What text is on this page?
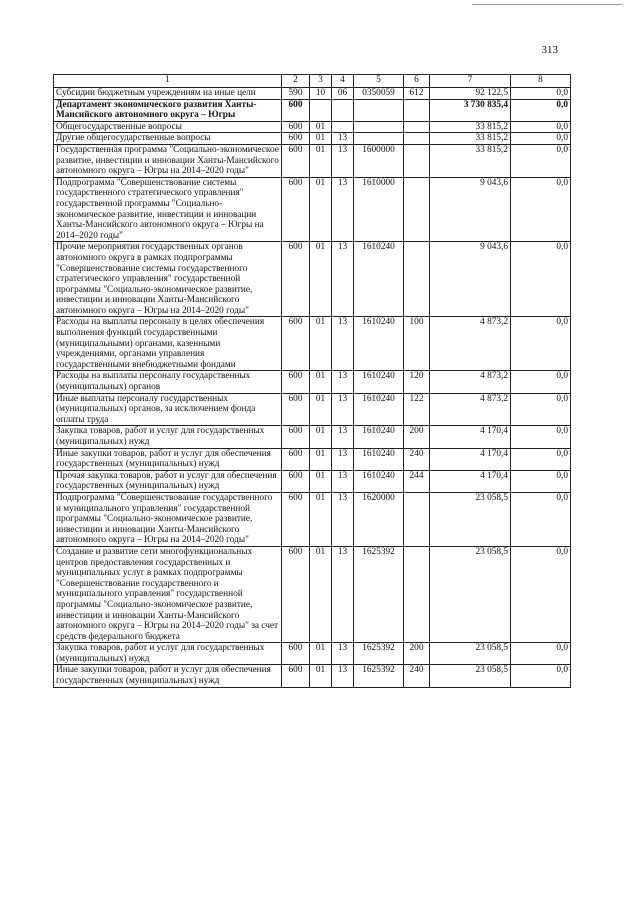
313
1	2	3	4	5	6	7	8
Субсидии бюджетным учреждениям на иные цели	590	10	06	0350059	612	92 122,5	0,0
Департамент экономического развития Ханты-Мансийского автономного округа – Югры	600					3 730 835,4	0,0
Общегосударственные вопросы	600	01				33 815,2	0,0
Другие общегосударственные вопросы	600	01	13			33 815,2	0,0
Государственная программа "Социально-экономическое развитие, инвестиции и инновации Ханты-Мансийского автономного округа – Югры на 2014–2020 годы"	600	01	13	1600000		33 815,2	0,0
Подпрограмма "Совершенствование системы государственного стратегического управления" государственной программы "Социально-экономическое развитие, инвестиции и инновации Ханты-Мансийского автономного округа – Югры на 2014–2020 годы"	600	01	13	1610000		9 043,6	0,0
Прочие мероприятия государственных органов автономного округа в рамках подпрограммы "Совершенствование системы государственного стратегического управления" государственной программы "Социально-экономическое развитие, инвестиции и инновации Ханты-Мансийского автономного округа – Югры на 2014–2020 годы"	600	01	13	1610240		9 043,6	0,0
Расходы на выплаты персоналу в целях обеспечения выполнения функций государственными (муниципальными) органами, казенными учреждениями, органами управления государственными внебюджетными фондами	600	01	13	1610240	100	4 873,2	0,0
Расходы на выплаты персоналу государственных (муниципальных) органов	600	01	13	1610240	120	4 873,2	0,0
Иные выплаты персоналу государственных (муниципальных) органов, за исключением фонда оплаты труда	600	01	13	1610240	122	4 873,2	0,0
Закупка товаров, работ и услуг для государственных (муниципальных) нужд	600	01	13	1610240	200	4 170,4	0,0
Иные закупки товаров, работ и услуг для обеспечения государственных (муниципальных) нужд	600	01	13	1610240	240	4 170,4	0,0
Прочая закупка товаров, работ и услуг для обеспечения государственных (муниципальных) нужд	600	01	13	1610240	244	4 170,4	0,0
Подпрограмма "Совершенствование государственного и муниципального управления" государственной программы "Социально-экономическое развитие, инвестиции и инновации Ханты-Мансийского автономного округа – Югры на 2014–2020 годы"	600	01	13	1620000		23 058,5	0,0
Создание и развитие сети многофункциональных центров предоставления государственных и муниципальных услуг в рамках подпрограммы "Совершенствование государственного и муниципального управления" государственной программы "Социально-экономическое развитие, инвестиции и инновации Ханты-Мансийского автономного округа – Югры на 2014–2020 годы" за счет средств федерального бюджета	600	01	13	1625392		23 058,5	0,0
Закупка товаров, работ и услуг для государственных (муниципальных) нужд	600	01	13	1625392	200	23 058,5	0,0
Иные закупки товаров, работ и услуг для обеспечения государственных (муниципальных) нужд	600	01	13	1625392	240	23 058,5	0,0
